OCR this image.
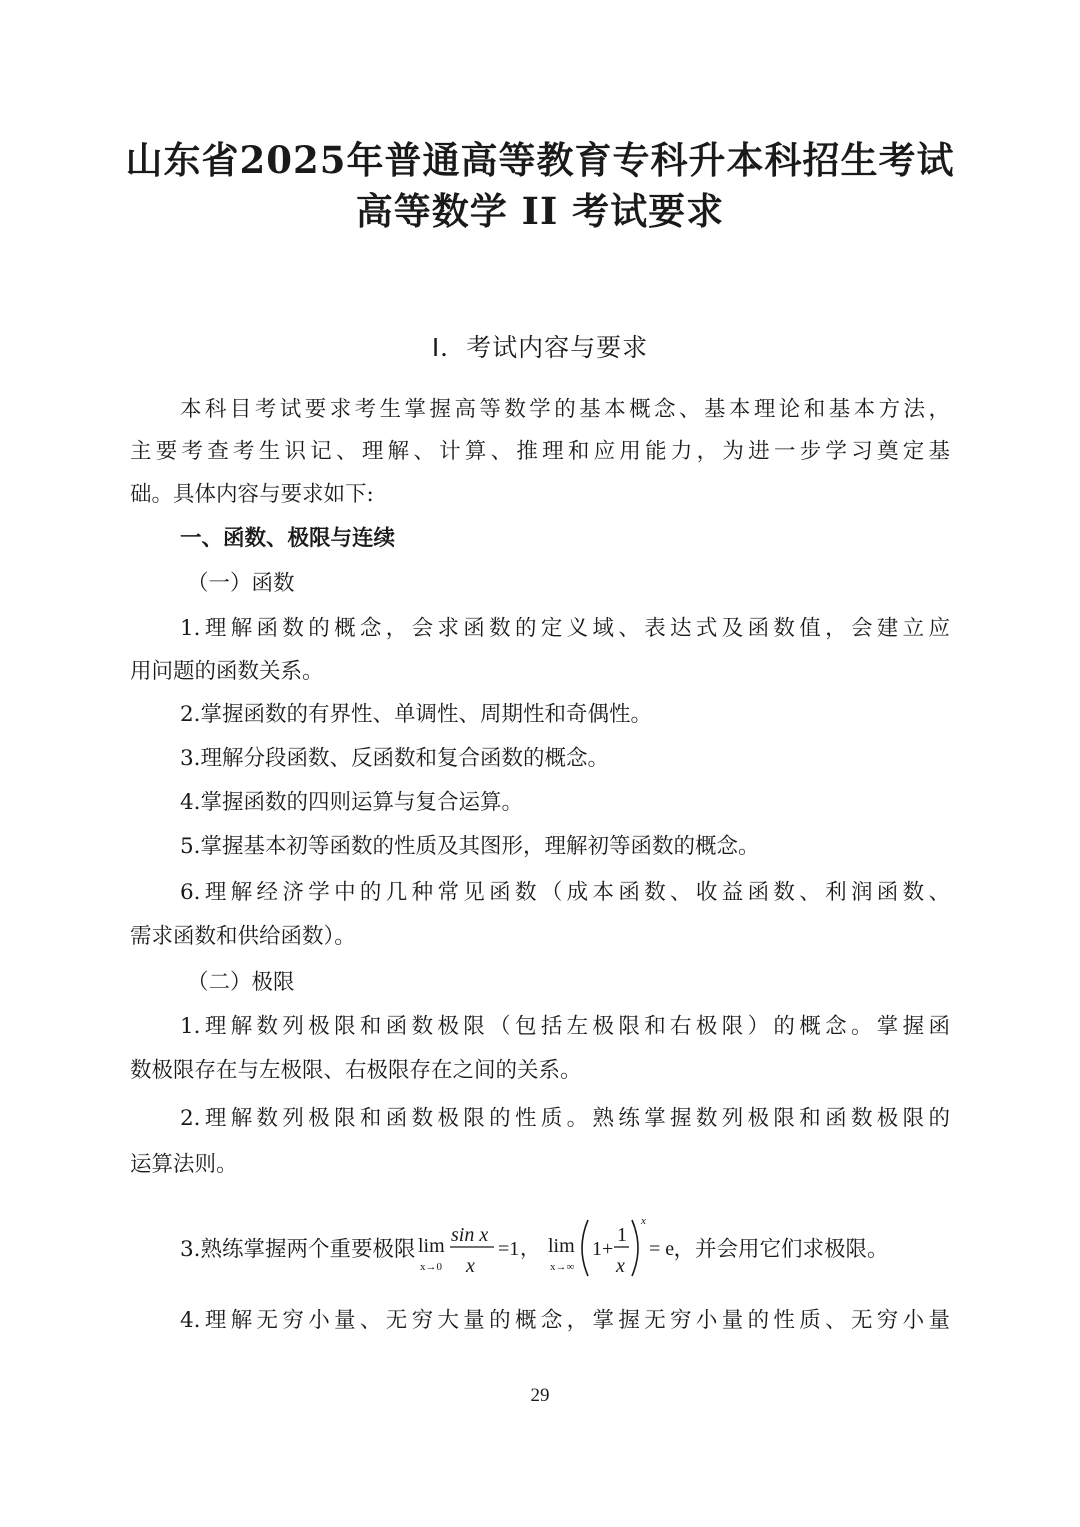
山东省2025年普通高等教育专科升本科招生考试
高等数学 II 考试要求
I．考试内容与要求
本科目考试要求考生掌握高等数学的基本概念、基本理论和基本方法，
主要考查考生识记、理解、计算、推理和应用能力，为进一步学习奠定基
础。具体内容与要求如下:
一、函数、极限与连续
（一）函数
1.理解函数的概念，会求函数的定义域、表达式及函数值，会建立应
用问题的函数关系。
2.掌握函数的有界性、单调性、周期性和奇偶性。
3.理解分段函数、反函数和复合函数的概念。
4.掌握函数的四则运算与复合运算。
5.掌握基本初等函数的性质及其图形，理解初等函数的概念。
6.理解经济学中的几种常见函数（成本函数、收益函数、利润函数、
需求函数和供给函数）。
（二）极限
1.理解数列极限和函数极限（包括左极限和右极限）的概念。掌握函
数极限存在与左极限、右极限存在之间的关系。
2.理解数列极限和函数极限的性质。熟练掌握数列极限和函数极限的
运算法则。
3.熟练掌握两个重要极限 lim
x→0
sin x
x
=1 ， lim
x→∞
1+
1
x
x
= e ，并会用它们求极限。
4.理解无穷小量、无穷大量的概念，掌握无穷小量的性质、无穷小量
29
